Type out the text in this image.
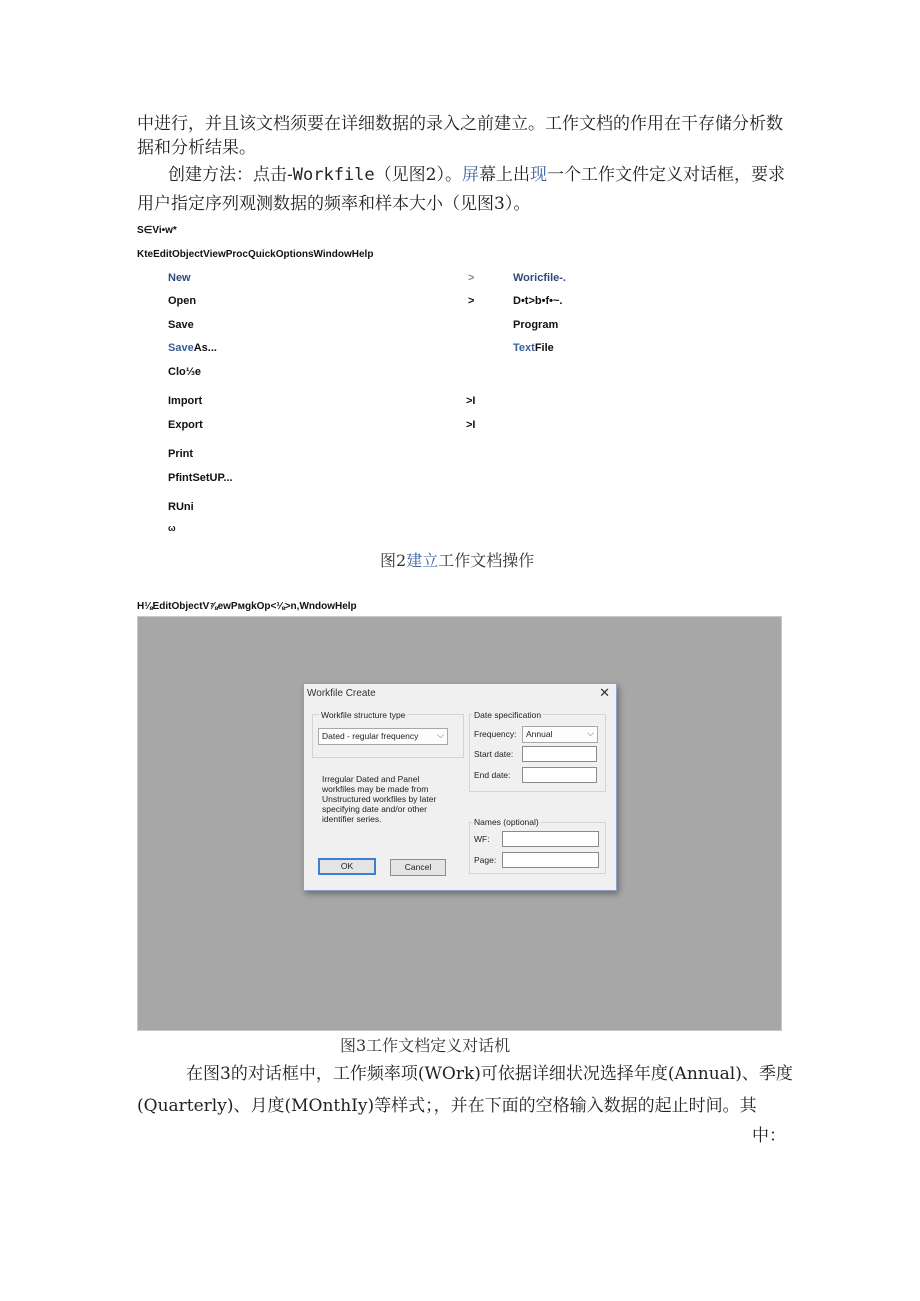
中进行，并且该文档须要在详细数据的录入之前建立。工作文档的作用在干存储分析数
据和分析结果。
创建方法：点击-Workfile（见图2）。屏幕上出现一个工作文件定义对话框，要求
用户指定序列观测数据的频率和样本大小（见图3）。
S∈Vi•w*
KteEditObjectViewProcQuickOptionsWindowHelp
New	>	Woricfile-.
Open	>	D•t>b•f•~.
Save	Program
SaveAs...	TextFile
Clo⅓e
Import	>I
Export	>I
Print
PfintSetUP...
RUni
ω
图2建立工作文档操作
H⅛EditObjectV⅞ewPмgkOp<⅛>n,WndowHelp
Workfile Create	✕
Workfile structure type
Dated - regular frequency ⌵
Irregular Dated and Panel
workfiles may be made from
Unstructured workfiles by later
specifying date and/or other
identifier series.
Date specification
Frequency: Annual	⌵
Start date:
End date:
Names (optional)
WF:
Page:
OK	Cancel
图3工作文档定义对话机
在图3的对话框中，工作频率项(WOrk)可依据详细状况选择年度(Annual)、季度
(Quarterly)、月度(MOnthIy)等样式；，并在下面的空格输入数据的起止时间。其
中：
